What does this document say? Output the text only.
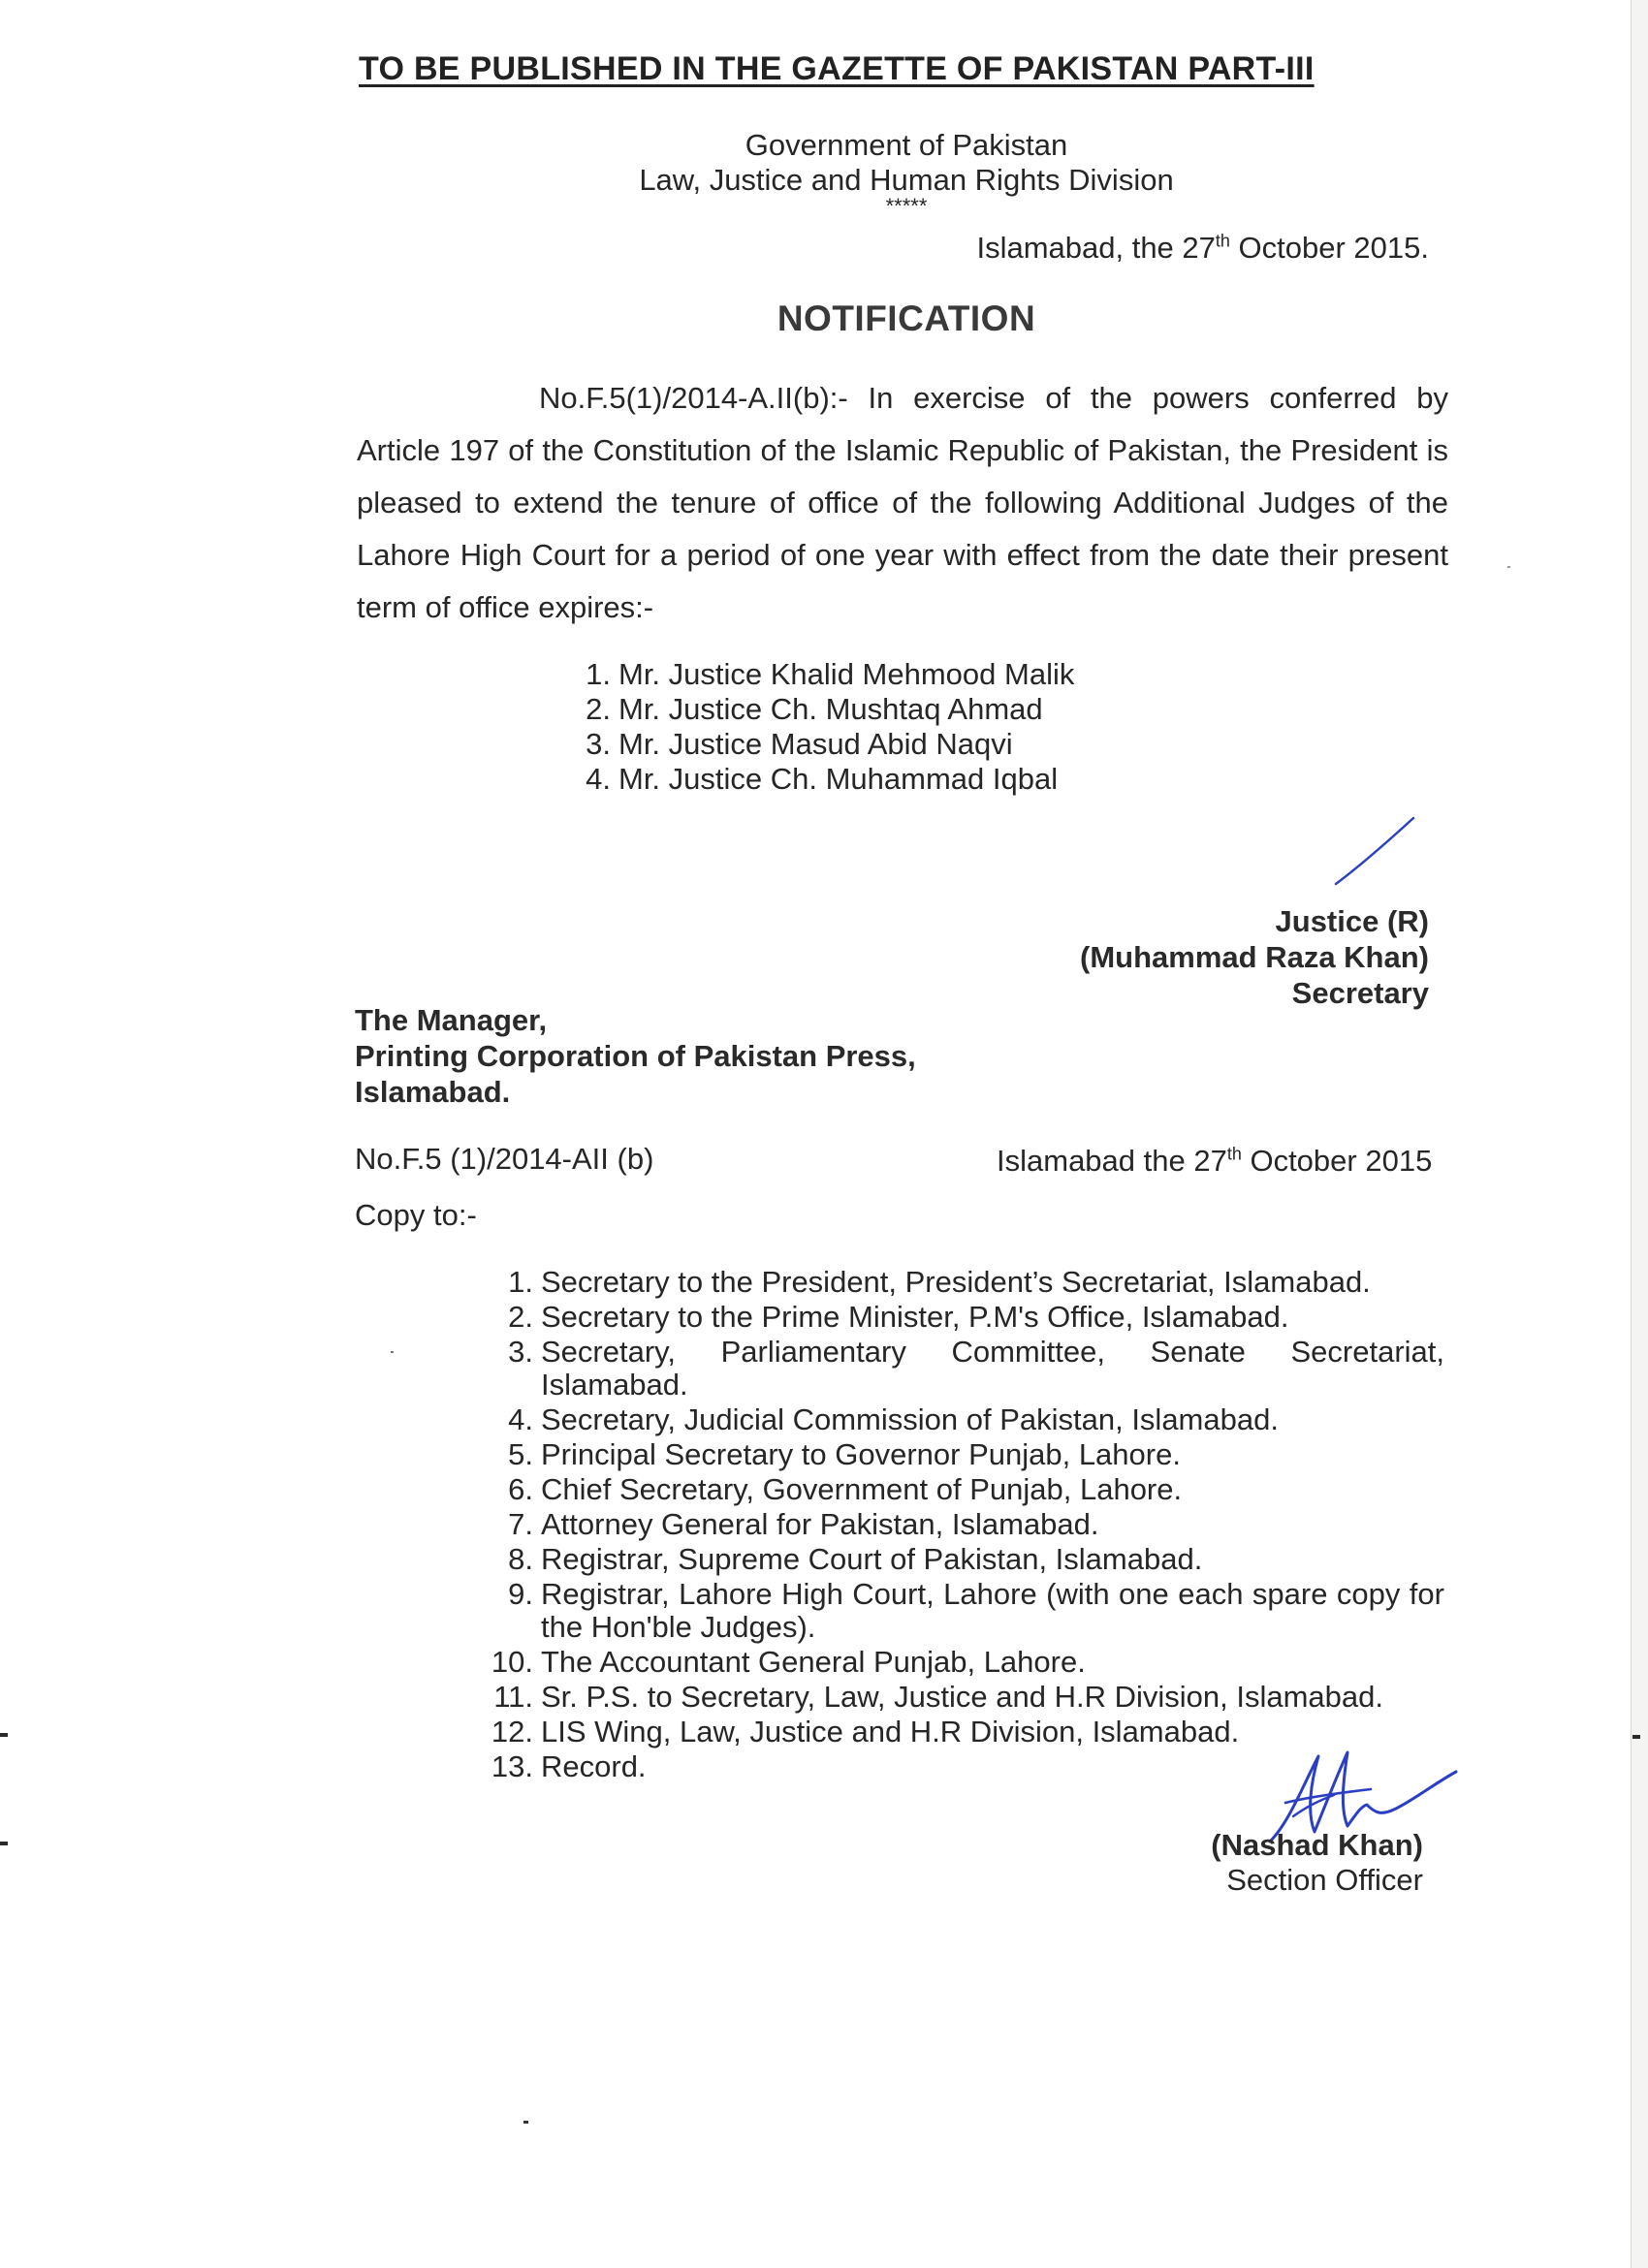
TO BE PUBLISHED IN THE GAZETTE OF PAKISTAN PART-III
Government of Pakistan
Law, Justice and Human Rights Division
*****
Islamabad, the 27th October 2015.
NOTIFICATION
No.F.5(1)/2014-A.II(b):- In exercise of the powers conferred by Article 197 of the Constitution of the Islamic Republic of Pakistan, the President is pleased to extend the tenure of office of the following Additional Judges of the Lahore High Court for a period of one year with effect from the date their present term of office expires:-
1. Mr. Justice Khalid Mehmood Malik
2. Mr. Justice Ch. Mushtaq Ahmad
3. Mr. Justice Masud Abid Naqvi
4. Mr. Justice Ch. Muhammad Iqbal
Justice (R)
(Muhammad Raza Khan)
Secretary
The Manager,
Printing Corporation of Pakistan Press,
Islamabad.
No.F.5 (1)/2014-AII (b)	Islamabad the 27th October 2015
Copy to:-
1. Secretary to the President, President’s Secretariat, Islamabad.
2. Secretary to the Prime Minister, P.M's Office, Islamabad.
3. Secretary, Parliamentary Committee, Senate Secretariat, Islamabad.
4. Secretary, Judicial Commission of Pakistan, Islamabad.
5. Principal Secretary to Governor Punjab, Lahore.
6. Chief Secretary, Government of Punjab, Lahore.
7. Attorney General for Pakistan, Islamabad.
8. Registrar, Supreme Court of Pakistan, Islamabad.
9. Registrar, Lahore High Court, Lahore (with one each spare copy for the Hon'ble Judges).
10. The Accountant General Punjab, Lahore.
11. Sr. P.S. to Secretary, Law, Justice and H.R Division, Islamabad.
12. LIS Wing, Law, Justice and H.R Division, Islamabad.
13. Record.
(Nashad Khan)
Section Officer
